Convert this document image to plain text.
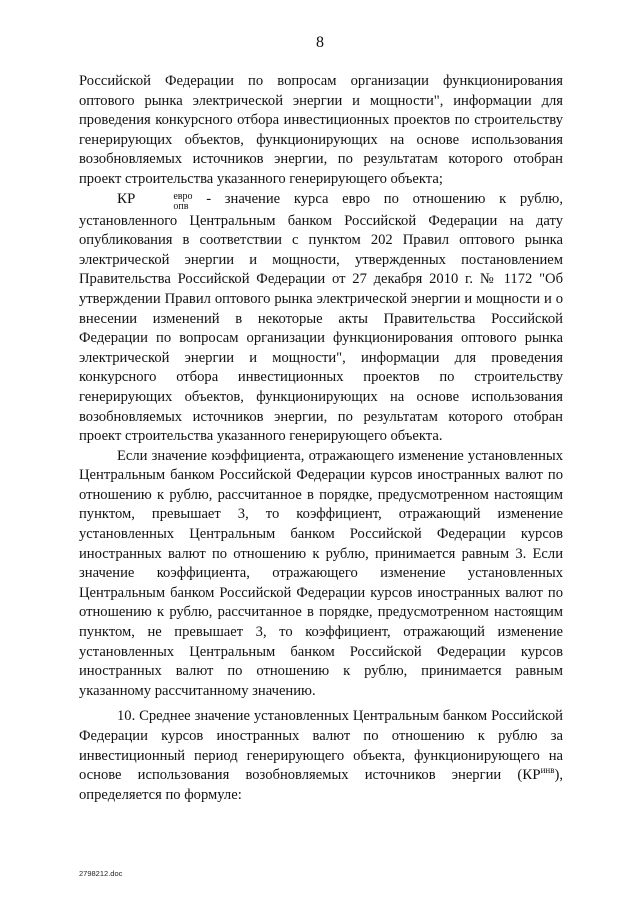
8

Российской Федерации по вопросам организации функционирования оптового рынка электрической энергии и мощности", информации для проведения конкурсного отбора инвестиционных проектов по строительству генерирующих объектов, функционирующих на основе использования возобновляемых источников энергии, по результатам которого отобран проект строительства указанного генерирующего объекта;

КР	евро
опв - значение курса евро по отношению к рублю, установленного Центральным банком Российской Федерации на дату опубликования в соответствии с пунктом 202 Правил оптового рынка электрической энергии и мощности, утвержденных постановлением Правительства Российской Федерации от 27 декабря 2010 г. № 1172 "Об утверждении Правил оптового рынка электрической энергии и мощности и о внесении изменений в некоторые акты Правительства Российской Федерации по вопросам организации функционирования оптового рынка электрической энергии и мощности", информации для проведения конкурсного отбора инвестиционных проектов по строительству генерирующих объектов, функционирующих на основе использования возобновляемых источников энергии, по результатам которого отобран проект строительства указанного генерирующего объекта.

Если значение коэффициента, отражающего изменение установленных Центральным банком Российской Федерации курсов иностранных валют по отношению к рублю, рассчитанное в порядке, предусмотренном настоящим пунктом, превышает 3, то коэффициент, отражающий изменение установленных Центральным банком Российской Федерации курсов иностранных валют по отношению к рублю, принимается равным 3. Если значение коэффициента, отражающего изменение установленных Центральным банком Российской Федерации курсов иностранных валют по отношению к рублю, рассчитанное в порядке, предусмотренном настоящим пунктом, не превышает 3, то коэффициент, отражающий изменение установленных Центральным банком Российской Федерации курсов иностранных валют по отношению к рублю, принимается равным указанному рассчитанному значению.

10. Среднее значение установленных Центральным банком Российской Федерации курсов иностранных валют по отношению к рублю за инвестиционный период генерирующего объекта, функционирующего на основе использования возобновляемых источников энергии $(КР^{инв})$, определяется по формуле:

2798212.doc
